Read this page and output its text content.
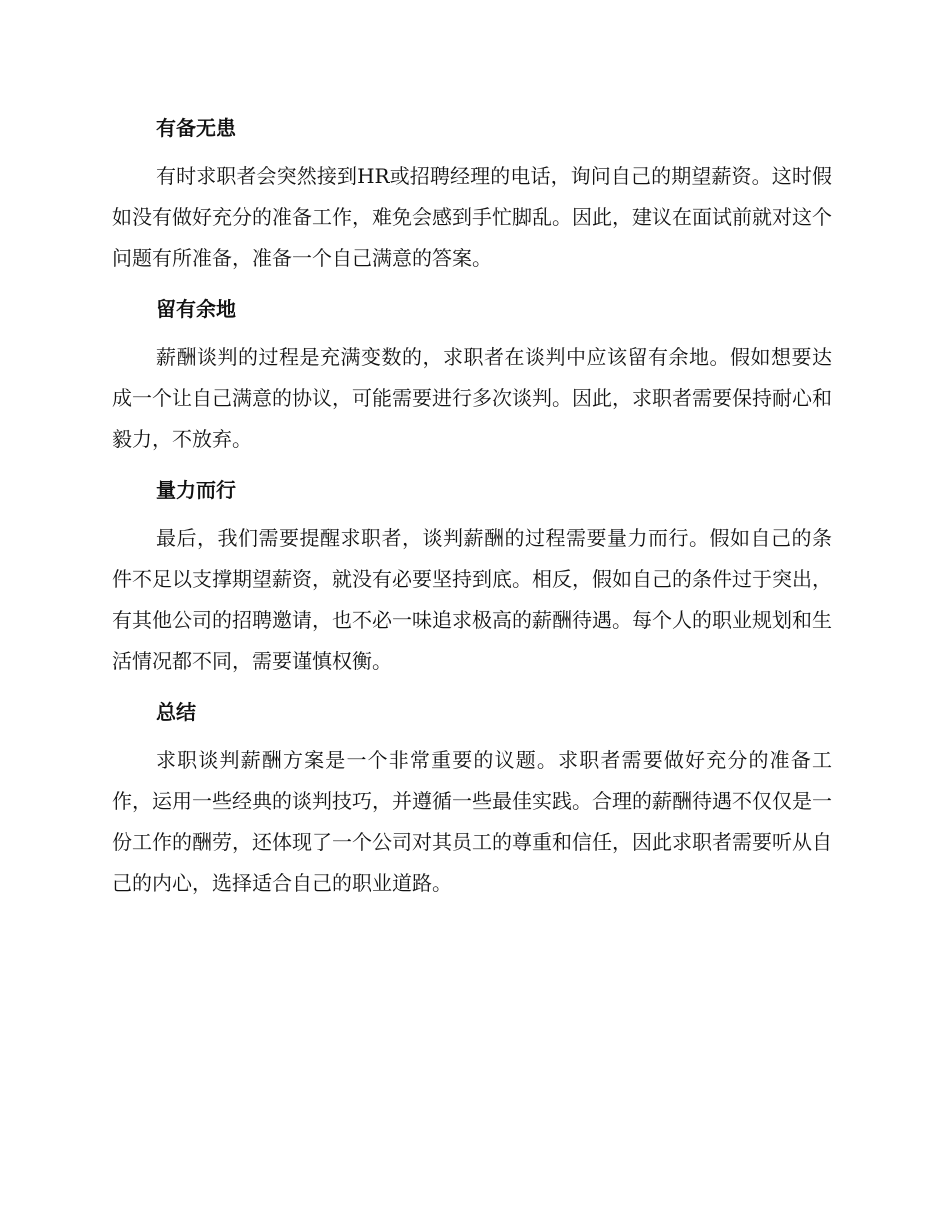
有备无患

有时求职者会突然接到HR或招聘经理的电话，询问自己的期望薪资。这时假如没有做好充分的准备工作，难免会感到手忙脚乱。因此，建议在面试前就对这个问题有所准备，准备一个自己满意的答案。

留有余地

薪酬谈判的过程是充满变数的，求职者在谈判中应该留有余地。假如想要达成一个让自己满意的协议，可能需要进行多次谈判。因此，求职者需要保持耐心和毅力，不放弃。

量力而行

最后，我们需要提醒求职者，谈判薪酬的过程需要量力而行。假如自己的条件不足以支撑期望薪资，就没有必要坚持到底。相反，假如自己的条件过于突出，有其他公司的招聘邀请，也不必一味追求极高的薪酬待遇。每个人的职业规划和生活情况都不同，需要谨慎权衡。

总结

求职谈判薪酬方案是一个非常重要的议题。求职者需要做好充分的准备工作，运用一些经典的谈判技巧，并遵循一些最佳实践。合理的薪酬待遇不仅仅是一份工作的酬劳，还体现了一个公司对其员工的尊重和信任，因此求职者需要听从自己的内心，选择适合自己的职业道路。
